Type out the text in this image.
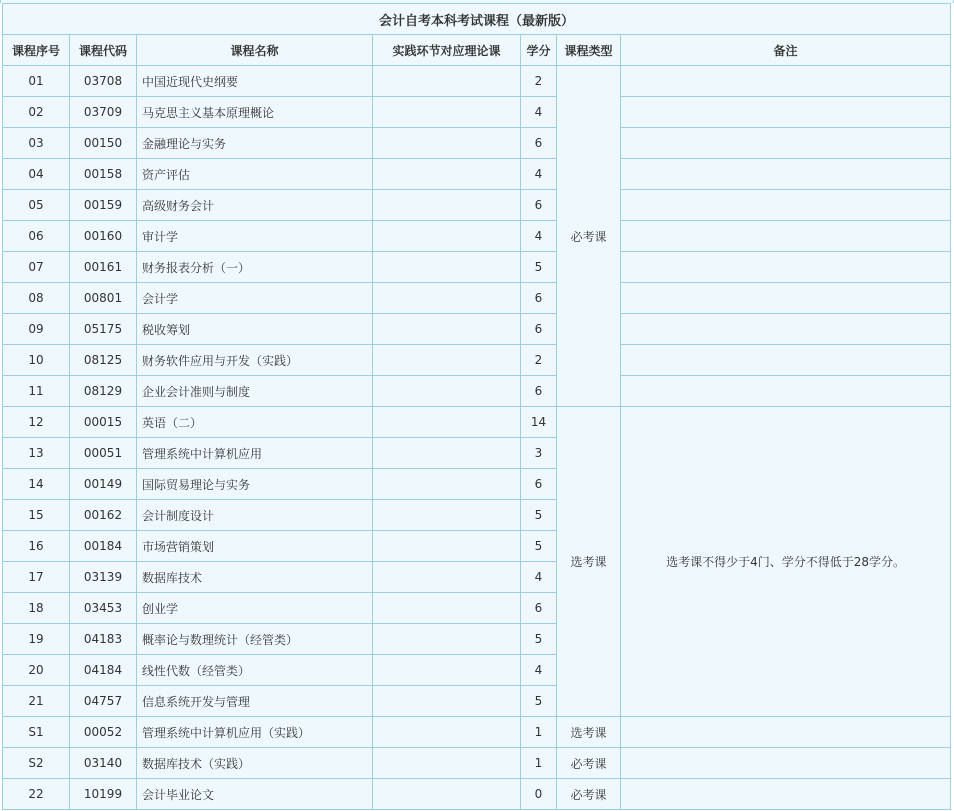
会计自考本科考试课程（最新版）						
课程序号	课程代码	课程名称	实践环节对应理论课	学分	课程类型	备注
01	03708	中国近现代史纲要		2	必考课	
02	03709	马克思主义基本原理概论		4		
03	00150	金融理论与实务		6		
04	00158	资产评估		4		
05	00159	高级财务会计		6		
06	00160	审计学		4		
07	00161	财务报表分析（一）		5		
08	00801	会计学		6		
09	05175	税收筹划		6		
10	08125	财务软件应用与开发（实践）		2		
11	08129	企业会计准则与制度		6		
12	00015	英语（二）		14	选考课	选考课不得少于4门、学分不得低于28学分。
13	00051	管理系统中计算机应用		3		
14	00149	国际贸易理论与实务		6		
15	00162	会计制度设计		5		
16	00184	市场营销策划		5		
17	03139	数据库技术		4		
18	03453	创业学		6		
19	04183	概率论与数理统计（经管类）		5		
20	04184	线性代数（经管类）		4		
21	04757	信息系统开发与管理		5		
S1	00052	管理系统中计算机应用（实践）		1	选考课	
S2	03140	数据库技术（实践）		1	必考课	
22	10199	会计毕业论文		0	必考课	
